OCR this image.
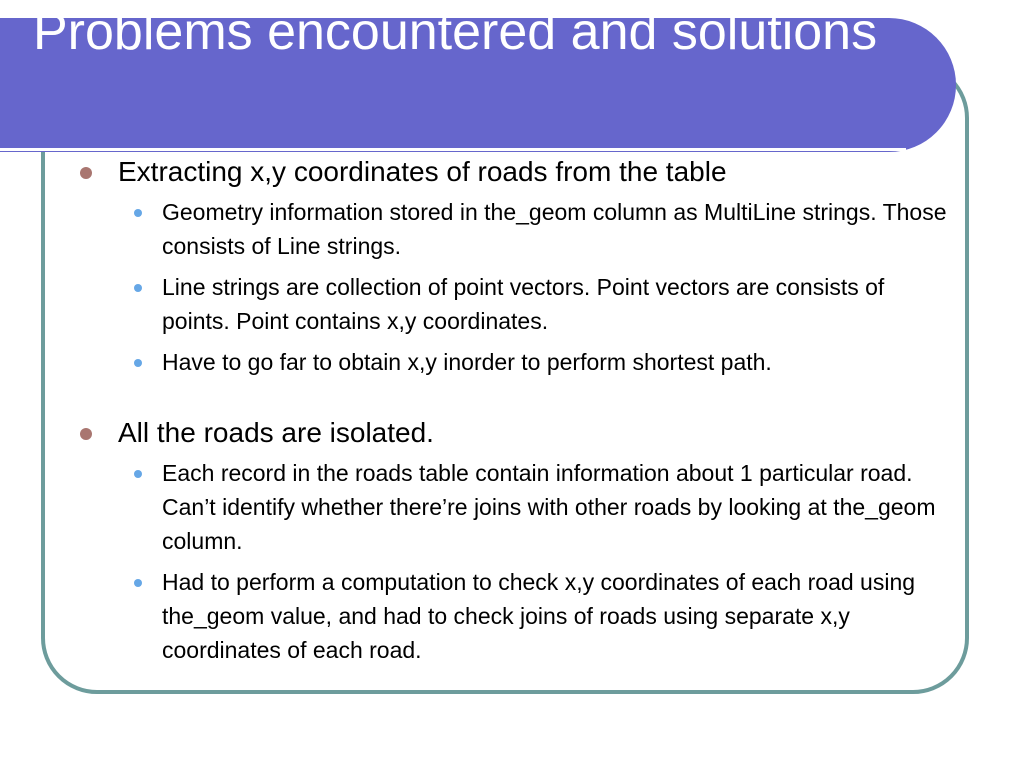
Problems encountered and solutions
Extracting x,y coordinates of roads from the table
Geometry information stored in the_geom column as MultiLine strings. Those consists of Line strings.
Line strings are collection of point vectors. Point vectors are consists of points. Point contains x,y coordinates.
Have to go far to obtain x,y inorder to perform shortest path.
All the roads are isolated.
Each record in the roads table contain information about 1 particular road. Can’t identify whether there’re joins with other roads by looking at the_geom column.
Had to perform a computation to check x,y coordinates of each road using the_geom value, and had to check joins of roads using separate x,y coordinates of each road.
